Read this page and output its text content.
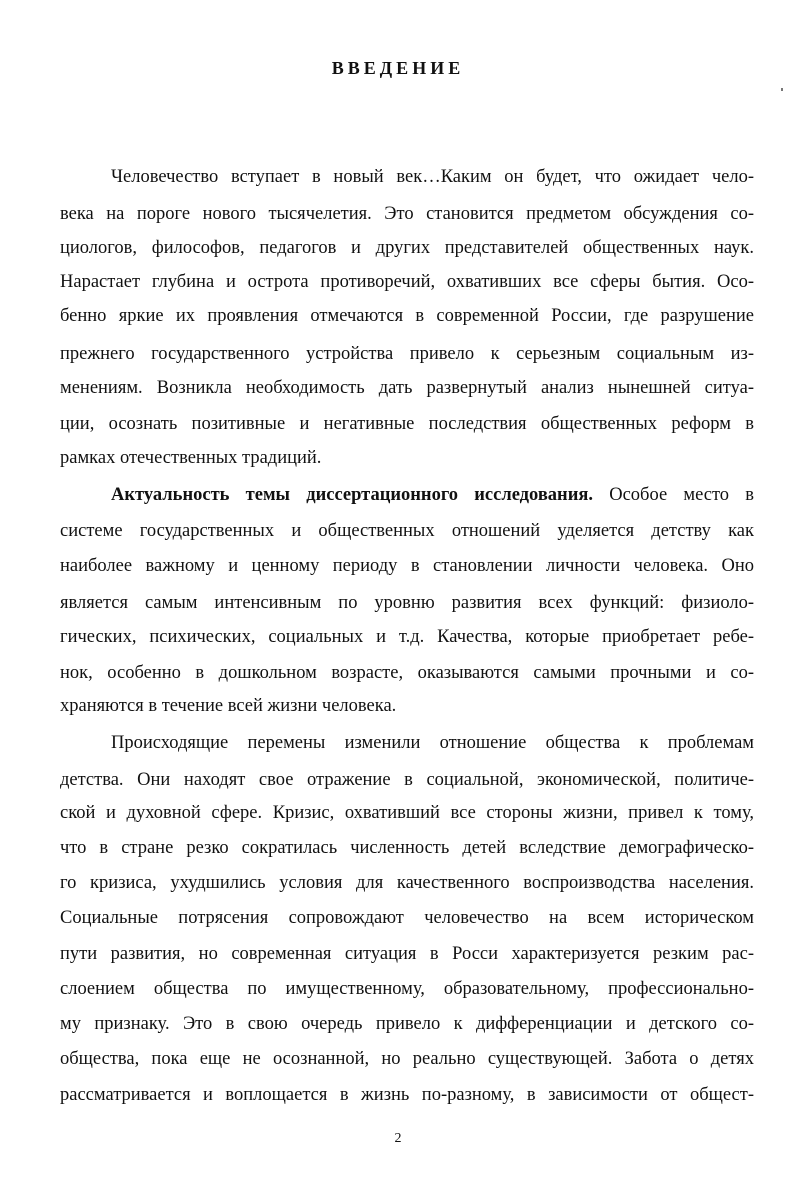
ВВЕДЕНИЕ
Человечество вступает в новый век…Каким он будет, что ожидает чело-
века на пороге нового тысячелетия. Это становится предметом обсуждения со-
циологов, философов, педагогов и других представителей общественных наук.
Нарастает глубина и острота противоречий, охвативших все сферы бытия. Осо-
бенно яркие их проявления отмечаются в современной России, где разрушение
прежнего государственного устройства привело к серьезным социальным из-
менениям. Возникла необходимость дать развернутый анализ нынешней ситуа-
ции, осознать позитивные и негативные последствия общественных реформ в
рамках отечественных традиций.
Актуальность темы диссертационного исследования. Особое место в
системе государственных и общественных отношений уделяется детству как
наиболее важному и ценному периоду в становлении личности человека. Оно
является самым интенсивным по уровню развития всех функций: физиоло-
гических, психических, социальных и т.д. Качества, которые приобретает ребе-
нок, особенно в дошкольном возрасте, оказываются самыми прочными и со-
храняются в течение всей жизни человека.
Происходящие перемены изменили отношение общества к проблемам
детства. Они находят свое отражение в социальной, экономической, политиче-
ской и духовной сфере. Кризис, охвативший все стороны жизни, привел к тому,
что в стране резко сократилась численность детей вследствие демографическо-
го кризиса, ухудшились условия для качественного воспроизводства населения.
Социальные потрясения сопровождают человечество на всем историческом
пути развития, но современная ситуация в Росси характеризуется резким рас-
слоением общества по имущественному, образовательному, профессионально-
му признаку. Это в свою очередь привело к дифференциации и детского со-
общества, пока еще не осознанной, но реально существующей. Забота о детях
рассматривается и воплощается в жизнь по-разному, в зависимости от общест-
2
